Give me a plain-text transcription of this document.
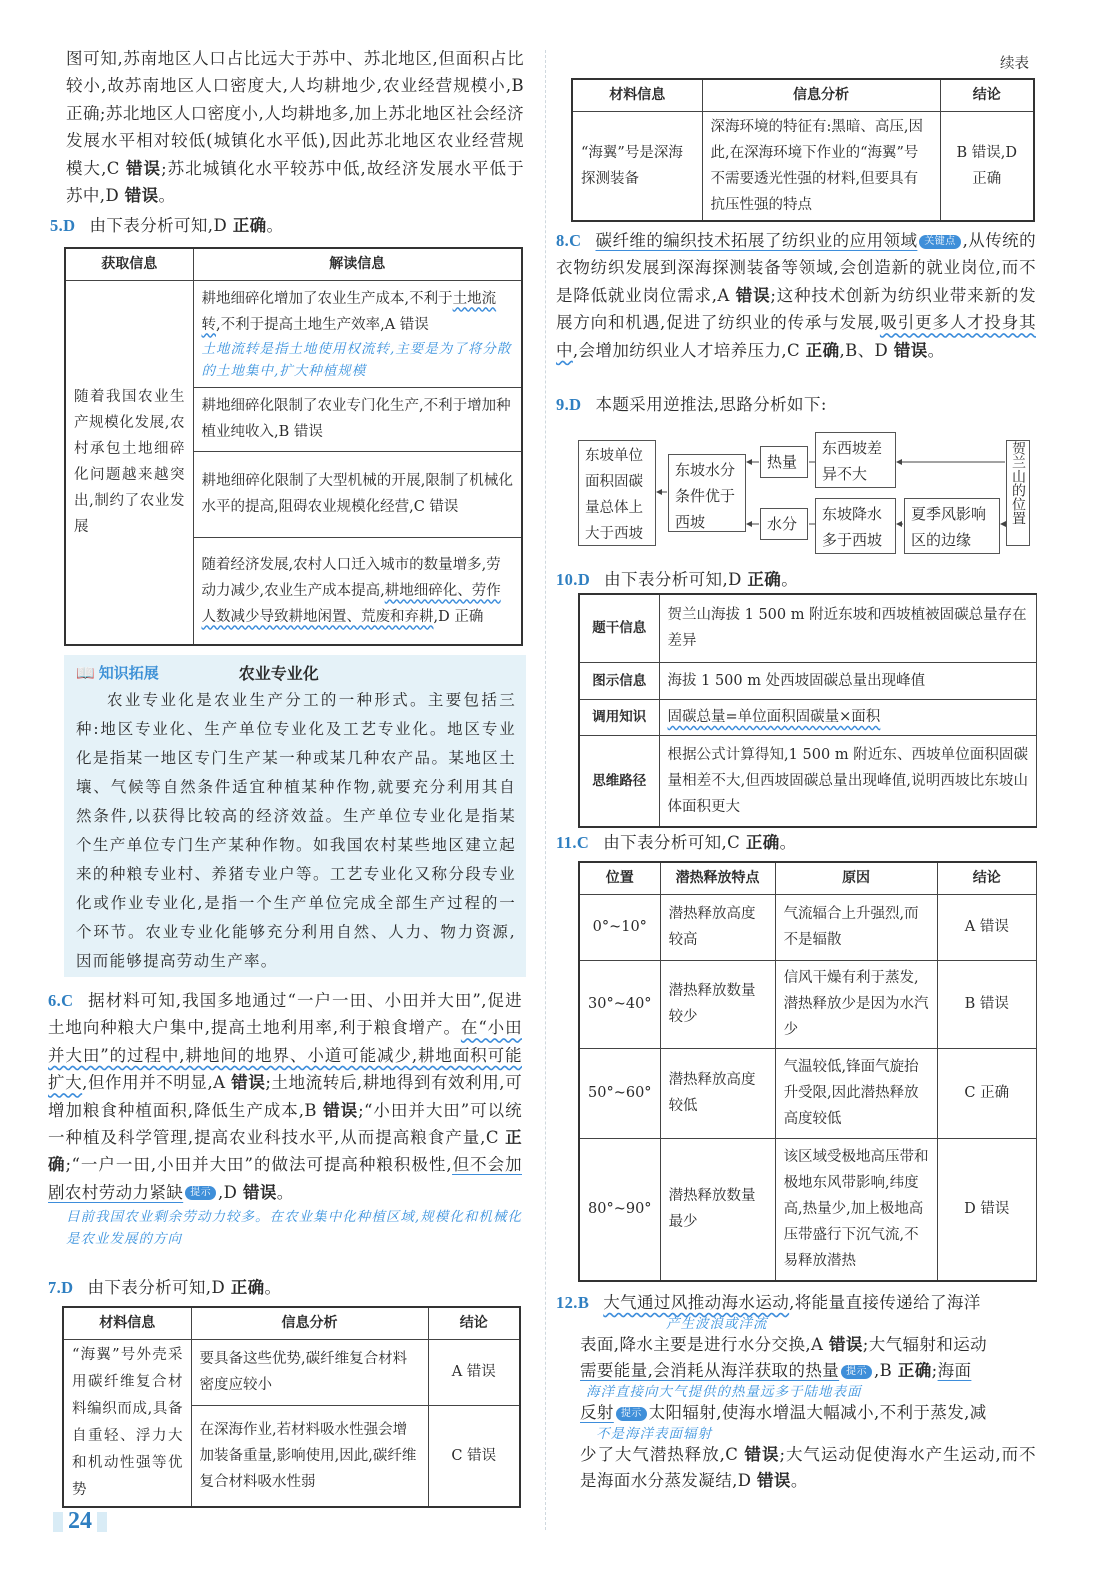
图可知,苏南地区人口占比远大于苏中、苏北地区,但面积占比较小,故苏南地区人口密度大,人均耕地少,农业经营规模小,B 正确;苏北地区人口密度小,人均耕地多,加上苏北地区社会经济发展水平相对较低(城镇化水平低),因此苏北地区农业经营规模大,C 错误;苏北城镇化水平较苏中低,故经济发展水平低于苏中,D 错误。
5.D 由下表分析可知,D 正确。
获取信息	解读信息
随着我国农业生产规模化发展,农村承包土地细碎化问题越来越突出,制约了农业发展	耕地细碎化增加了农业生产成本,不利于土地流转,不利于提高土地生产效率,A 错误
土地流转是指土地使用权流转,主要是为了将分散的土地集中,扩大种植规模

	耕地细碎化限制了农业专门化生产,不利于增加种植业纯收入,B 错误
	耕地细碎化限制了大型机械的开展,限制了机械化水平的提高,阻碍农业规模化经营,C 错误
	随着经济发展,农村人口迁入城市的数量增多,劳动力减少,农业生产成本提高,耕地细碎化、劳作人数减少导致耕地闲置、荒废和弃耕,D 正确
📖 知识拓展	农业专业化
农业专业化是农业生产分工的一种形式。主要包括三种:地区专业化、生产单位专业化及工艺专业化。地区专业化是指某一地区专门生产某一种或某几种农产品。某地区土壤、气候等自然条件适宜种植某种作物,就要充分利用其自然条件,以获得比较高的经济效益。生产单位专业化是指某个生产单位专门生产某种作物。如我国农村某些地区建立起来的种粮专业村、养猪专业户等。工艺专业化又称分段专业化或作业专业化,是指一个生产单位完成全部生产过程的一个环节。农业专业化能够充分利用自然、人力、物力资源,因而能够提高劳动生产率。
6.C 据材料可知,我国多地通过“一户一田、小田并大田”,促进土地向种粮大户集中,提高土地利用率,利于粮食增产。在“小田并大田”的过程中,耕地间的地界、小道可能减少,耕地面积可能扩大,但作用并不明显,A 错误;土地流转后,耕地得到有效利用,可增加粮食种植面积,降低生产成本,B 错误;“小田并大田”可以统一种植及科学管理,提高农业科技水平,从而提高粮食产量,C 正确;“一户一田,小田并大田”的做法可提高种粮积极性,但不会加剧农村劳动力紧缺 提示 ,D 错误。
目前我国农业剩余劳动力较多。在农业集中化种植区域,规模化和机械化是农业发展的方向
7.D 由下表分析可知,D 正确。
材料信息	信息分析	结论
“海翼”号外壳采用碳纤维复合材料编织而成,具备自重轻、浮力大和机动性强等优势	要具备这些优势,碳纤维复合材料密度应较小	A 错误
	在深海作业,若材料吸水性强会增加装备重量,影响使用,因此,碳纤维复合材料吸水性弱	C 错误
24
续表
材料信息	信息分析	结论
“海翼”号是深海探测装备	深海环境的特征有:黑暗、高压,因此,在深海环境下作业的“海翼”号不需要透光性强的材料,但要具有抗压性强的特点	B 错误,D 正确
8.C 碳纤维的编织技术拓展了纺织业的应用领域 关键点 ,从传统的衣物纺织发展到深海探测装备等领域,会创造新的就业岗位,而不是降低就业岗位需求,A 错误;这种技术创新为纺织业带来新的发展方向和机遇,促进了纺织业的传承与发展,吸引更多人才投身其中,会增加纺织业人才培养压力,C 正确,B、D 错误。
9.D 本题采用逆推法,思路分析如下:
东坡单位面积固碳量总体上大于西坡
东坡水分条件优于西坡
热量
水分
东西坡差异不大
东坡降水多于西坡
夏季风影响区的边缘
贺兰山的位置
10.D 由下表分析可知,D 正确。
题干信息	贺兰山海拔 1 500 m 附近东坡和西坡植被固碳总量存在差异
图示信息	海拔 1 500 m 处西坡固碳总量出现峰值
调用知识	固碳总量=单位面积固碳量×面积
思维路径	根据公式计算得知,1 500 m 附近东、西坡单位面积固碳量相差不大,但西坡固碳总量出现峰值,说明西坡比东坡山体面积更大
11.C 由下表分析可知,C 正确。
位置	潜热释放特点	原因	结论
0°~10°	潜热释放高度较高	气流辐合上升强烈,而不是辐散	A 错误
30°~40°	潜热释放数量较少	信风干燥有利于蒸发,潜热释放少是因为水汽少	B 错误
50°~60°	潜热释放高度较低	气温较低,锋面气旋抬升受限,因此潜热释放高度较低	C 正确
80°~90°	潜热释放数量最少	该区域受极地高压带和极地东风带影响,纬度高,热量少,加上极地高压带盛行下沉气流,不易释放潜热	D 错误
12.B 大气通过风推动海水运动,将能量直接传递给了海洋
产生波浪或洋流
表面,降水主要是进行水分交换,A 错误;大气辐射和运动
需要能量,会消耗从海洋获取的热量 提示 ,B 正确;海面
海洋直接向大气提供的热量远多于陆地表面
反射 提示 太阳辐射,使海水增温大幅减小,不利于蒸发,减
不是海洋表面辐射
少了大气潜热释放,C 错误;大气运动促使海水产生运动,而不是海面水分蒸发凝结,D 错误。
